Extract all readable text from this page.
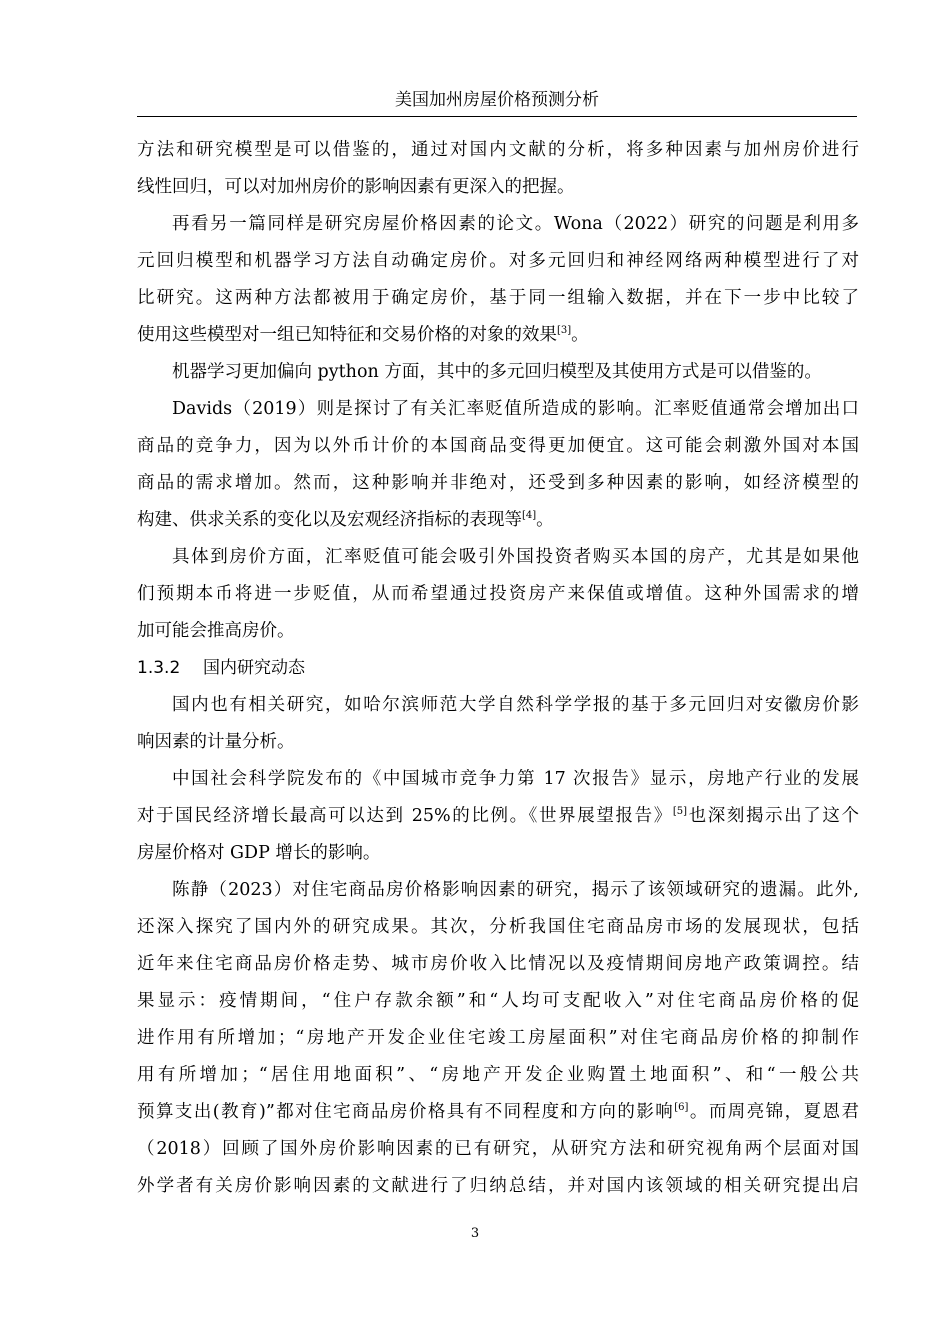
美国加州房屋价格预测分析
方法和研究模型是可以借鉴的，通过对国内文献的分析，将多种因素与加州房价进行
线性回归，可以对加州房价的影响因素有更深入的把握。
再看另一篇同样是研究房屋价格因素的论文。Wona（2022）研究的问题是利用多
元回归模型和机器学习方法自动确定房价。对多元回归和神经网络两种模型进行了对
比研究。这两种方法都被用于确定房价，基于同一组输入数据，并在下一步中比较了
使用这些模型对一组已知特征和交易价格的对象的效果[3]。
机器学习更加偏向 python 方面，其中的多元回归模型及其使用方式是可以借鉴的。
Davids（2019）则是探讨了有关汇率贬值所造成的影响。汇率贬值通常会增加出口
商品的竞争力，因为以外币计价的本国商品变得更加便宜。这可能会刺激外国对本国
商品的需求增加。然而，这种影响并非绝对，还受到多种因素的影响，如经济模型的
构建、供求关系的变化以及宏观经济指标的表现等[4]。
具体到房价方面，汇率贬值可能会吸引外国投资者购买本国的房产，尤其是如果他
们预期本币将进一步贬值，从而希望通过投资房产来保值或增值。这种外国需求的增
加可能会推高房价。
1.3.2 国内研究动态
国内也有相关研究，如哈尔滨师范大学自然科学学报的基于多元回归对安徽房价影
响因素的计量分析。
中国社会科学院发布的《中国城市竞争力第 17 次报告》显示，房地产行业的发展
对于国民经济增长最高可以达到 25%的比例。《世界展望报告》[5]也深刻揭示出了这个
房屋价格对 GDP 增长的影响。
陈静（2023）对住宅商品房价格影响因素的研究，揭示了该领域研究的遗漏。此外,
还深入探究了国内外的研究成果。其次，分析我国住宅商品房市场的发展现状，包括
近年来住宅商品房价格走势、城市房价收入比情况以及疫情期间房地产政策调控。结
果显示：疫情期间，“住户存款余额”和“人均可支配收入”对住宅商品房价格的促
进作用有所增加；“房地产开发企业住宅竣工房屋面积”对住宅商品房价格的抑制作
用有所增加；“居住用地面积”、“房地产开发企业购置土地面积”、和“一般公共
预算支出(教育)”都对住宅商品房价格具有不同程度和方向的影响[6]。而周亮锦，夏恩君
（2018）回顾了国外房价影响因素的已有研究，从研究方法和研究视角两个层面对国
外学者有关房价影响因素的文献进行了归纳总结，并对国内该领域的相关研究提出启
3
